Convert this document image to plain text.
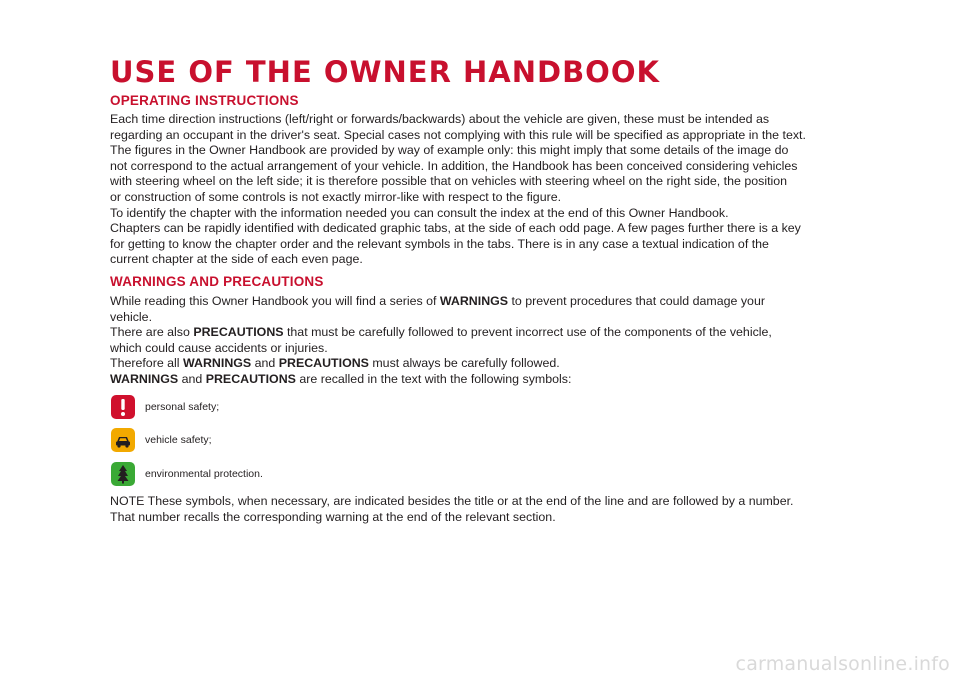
USE OF THE OWNER HANDBOOK
OPERATING INSTRUCTIONS

Each time direction instructions (left/right or forwards/backwards) about the vehicle are given, these must be intended as

regarding an occupant in the driver's seat. Special cases not complying with this rule will be specified as appropriate in the text.

The figures in the Owner Handbook are provided by way of example only: this might imply that some details of the image do

not correspond to the actual arrangement of your vehicle. In addition, the Handbook has been conceived considering vehicles

with steering wheel on the left side; it is therefore possible that on vehicles with steering wheel on the right side, the position

or construction of some controls is not exactly mirror-like with respect to the figure.

To identify the chapter with the information needed you can consult the index at the end of this Owner Handbook.

Chapters can be rapidly identified with dedicated graphic tabs, at the side of each odd page. A few pages further there is a key

for getting to know the chapter order and the relevant symbols in the tabs. There is in any case a textual indication of the

current chapter at the side of each even page.

WARNINGS AND PRECAUTIONS

While reading this Owner Handbook you will find a series of WARNINGS to prevent procedures that could damage your

vehicle.

There are also PRECAUTIONS that must be carefully followed to prevent incorrect use of the components of the vehicle,

which could cause accidents or injuries.

Therefore all WARNINGS and PRECAUTIONS must always be carefully followed.

WARNINGS and PRECAUTIONS are recalled in the text with the following symbols:

personal safety;
vehicle safety;
environmental protection.

NOTE These symbols, when necessary, are indicated besides the title or at the end of the line and are followed by a number.

That number recalls the corresponding warning at the end of the relevant section.

carmanualsonline.info
